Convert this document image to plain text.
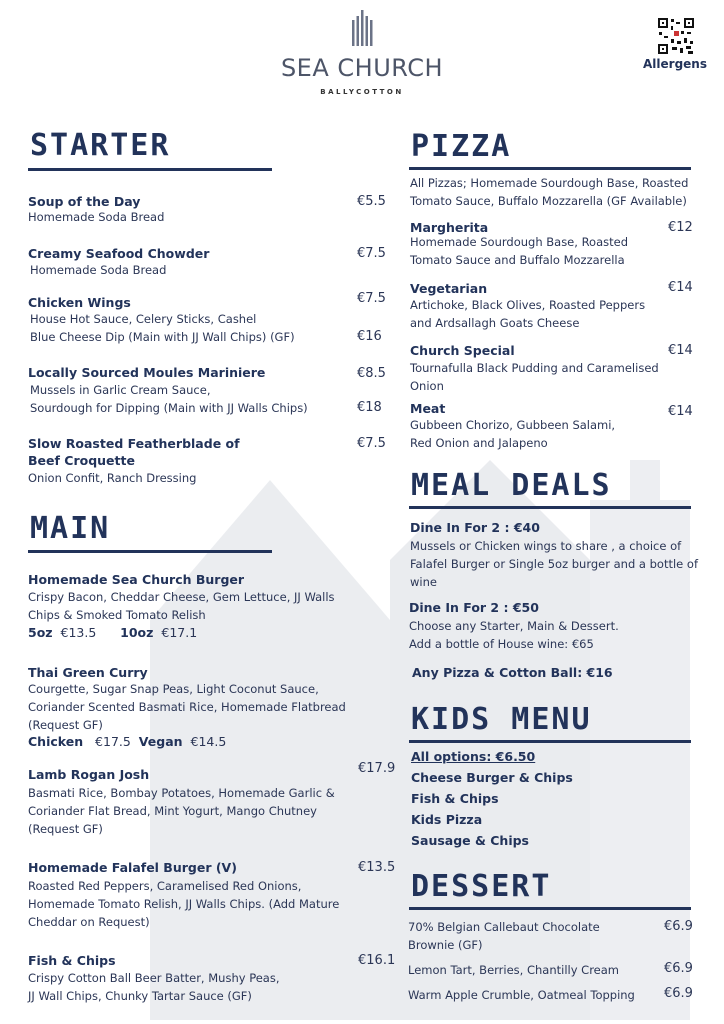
SEA CHURCH
BALLYCOTTON
Allergens
STARTER
Soup of the Day
Homemade Soda Bread
€5.5
Creamy Seafood Chowder
Homemade Soda Bread
€7.5
Chicken Wings
House Hot Sauce, Celery Sticks, Cashel
Blue Cheese Dip (Main with JJ Wall Chips) (GF)
€7.5
€16
Locally Sourced Moules Mariniere
Mussels in Garlic Cream Sauce,
Sourdough for Dipping (Main with JJ Walls Chips)
€8.5
€18
Slow Roasted Featherblade of
Beef Croquette
Onion Confit, Ranch Dressing
€7.5
MAIN
Homemade Sea Church Burger
Crispy Bacon, Cheddar Cheese, Gem Lettuce, JJ Walls
Chips & Smoked Tomato Relish
5oz €13.5 10oz €17.1
Thai Green Curry
Courgette, Sugar Snap Peas, Light Coconut Sauce,
Coriander Scented Basmati Rice, Homemade Flatbread
(Request GF)
Chicken €17.5 Vegan €14.5
Lamb Rogan Josh
Basmati Rice, Bombay Potatoes, Homemade Garlic &
Coriander Flat Bread, Mint Yogurt, Mango Chutney
(Request GF)
€17.9
Homemade Falafel Burger (V)
Roasted Red Peppers, Caramelised Red Onions,
Homemade Tomato Relish, JJ Walls Chips. (Add Mature
Cheddar on Request)
€13.5
Fish & Chips
Crispy Cotton Ball Beer Batter, Mushy Peas,
JJ Wall Chips, Chunky Tartar Sauce (GF)
€16.1
PIZZA
All Pizzas; Homemade Sourdough Base, Roasted
Tomato Sauce, Buffalo Mozzarella (GF Available)
Margherita
Homemade Sourdough Base, Roasted
Tomato Sauce and Buffalo Mozzarella
€12
Vegetarian
Artichoke, Black Olives, Roasted Peppers
and Ardsallagh Goats Cheese
€14
Church Special
Tournafulla Black Pudding and Caramelised
Onion
€14
Meat
Gubbeen Chorizo, Gubbeen Salami,
Red Onion and Jalapeno
€14
MEAL DEALS
Dine In For 2 : €40
Mussels or Chicken wings to share , a choice of
Falafel Burger or Single 5oz burger and a bottle of
wine
Dine In For 2 : €50
Choose any Starter, Main & Dessert.
Add a bottle of House wine: €65
Any Pizza & Cotton Ball: €16
KIDS MENU
All options: €6.50
Cheese Burger & Chips
Fish & Chips
Kids Pizza
Sausage & Chips
DESSERT
70% Belgian Callebaut Chocolate
Brownie (GF)
€6.9
Lemon Tart, Berries, Chantilly Cream	€6.9
Warm Apple Crumble, Oatmeal Topping €6.9
